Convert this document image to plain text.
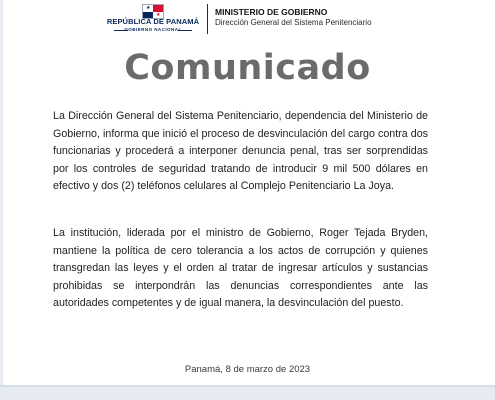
★
★
REPÚBLICA DE PANAMÁ
GOBIERNO NACIONAL
MINISTERIO DE GOBIERNO
Dirección General del Sistema Penitenciario
Comunicado
La Dirección General del Sistema Penitenciario, dependencia del Ministerio de Gobierno, informa que inició el proceso de desvinculación del cargo contra dos funcionarias y procederá a interponer denuncia penal, tras ser sorprendidas por los controles de seguridad tratando de introducir 9 mil 500 dólares en efectivo y dos (2) teléfonos celulares al Complejo Penitenciario La Joya.
La institución, liderada por el ministro de Gobierno, Roger Tejada Bryden, mantiene la política de cero tolerancia a los actos de corrupción y quienes transgredan las leyes y el orden al tratar de ingresar artículos y sustancias prohibidas se interpondrán las denuncias correspondientes ante las autoridades competentes y de igual manera, la desvinculación del puesto.
Panamá, 8 de marzo de 2023
